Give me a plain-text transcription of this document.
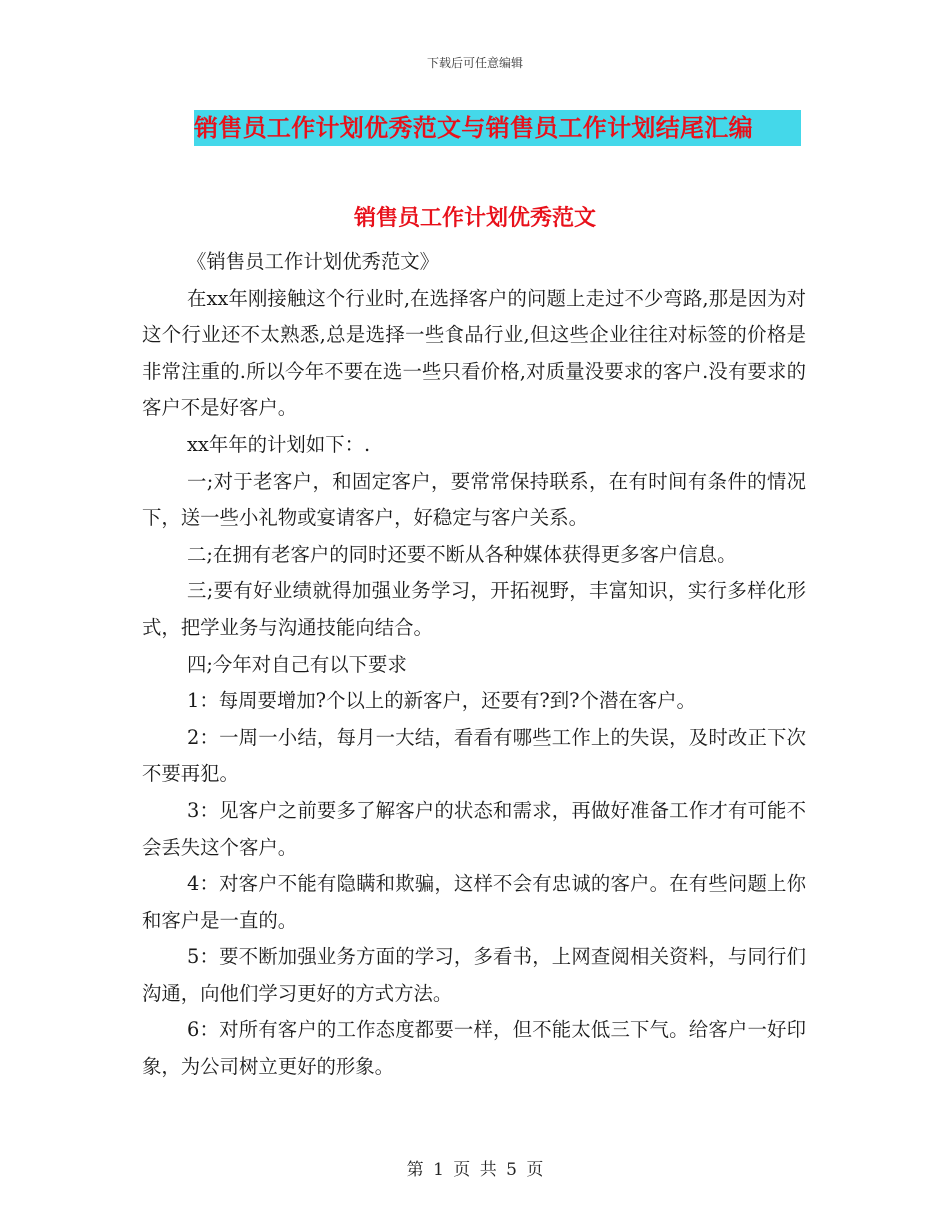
下载后可任意编辑
销售员工作计划优秀范文与销售员工作计划结尾汇编
销售员工作计划优秀范文

《销售员工作计划优秀范文》

在xx年刚接触这个行业时,在选择客户的问题上走过不少弯路,那是因为对这个行业还不太熟悉,总是选择一些食品行业,但这些企业往往对标签的价格是非常注重的.所以今年不要在选一些只看价格,对质量没要求的客户.没有要求的客户不是好客户。

xx年年的计划如下：.

一;对于老客户，和固定客户，要常常保持联系，在有时间有条件的情况下，送一些小礼物或宴请客户，好稳定与客户关系。

二;在拥有老客户的同时还要不断从各种媒体获得更多客户信息。

三;要有好业绩就得加强业务学习，开拓视野，丰富知识，实行多样化形式，把学业务与沟通技能向结合。

四;今年对自己有以下要求

1：每周要增加?个以上的新客户，还要有?到?个潜在客户。

2：一周一小结，每月一大结，看看有哪些工作上的失误，及时改正下次不要再犯。

3：见客户之前要多了解客户的状态和需求，再做好准备工作才有可能不会丢失这个客户。

4：对客户不能有隐瞒和欺骗，这样不会有忠诚的客户。在有些问题上你和客户是一直的。

5：要不断加强业务方面的学习，多看书，上网查阅相关资料，与同行们沟通，向他们学习更好的方式方法。

6：对所有客户的工作态度都要一样，但不能太低三下气。给客户一好印象，为公司树立更好的形象。

第 1 页 共 5 页
